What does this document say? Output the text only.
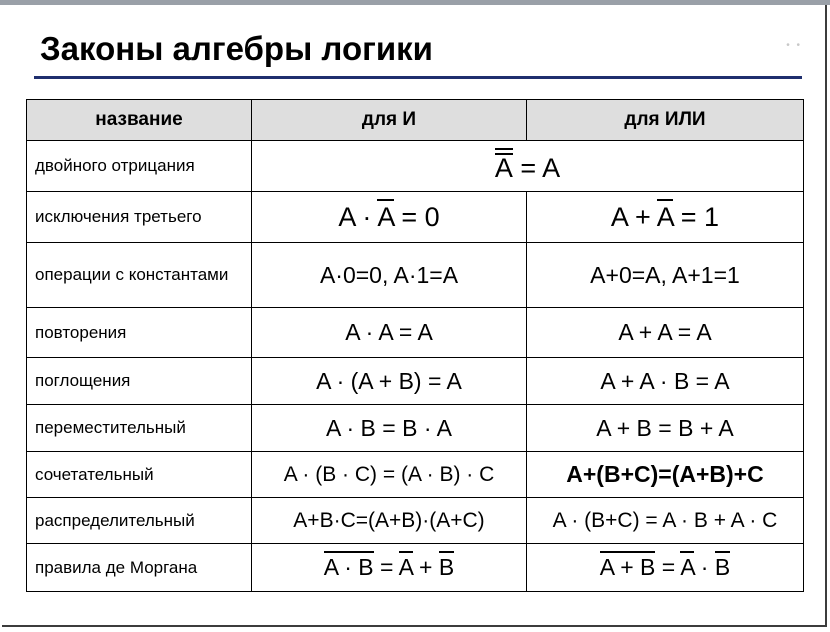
Законы алгебры логики	• •
название	для И	для ИЛИ
двойного отрицания	A = A	
исключения третьего	A · A = 0	A + A = 1
операции с константами	A·0=0, A·1=A	A+0=A, A+1=1
повторения	A · A = A	A + A = A
поглощения	A · (A + B) = A	A + A · B = A
переместительный	A · B = B · A	A + B = B + A
сочетательный	A · (B · C) = (A · B) · C	A+(B+C)=(A+B)+C
распределительный	A+B·C=(A+B)·(A+C)	A · (B+C) = A · B + A · C
правила де Моргана	A · B = A + B	A + B = A · B
